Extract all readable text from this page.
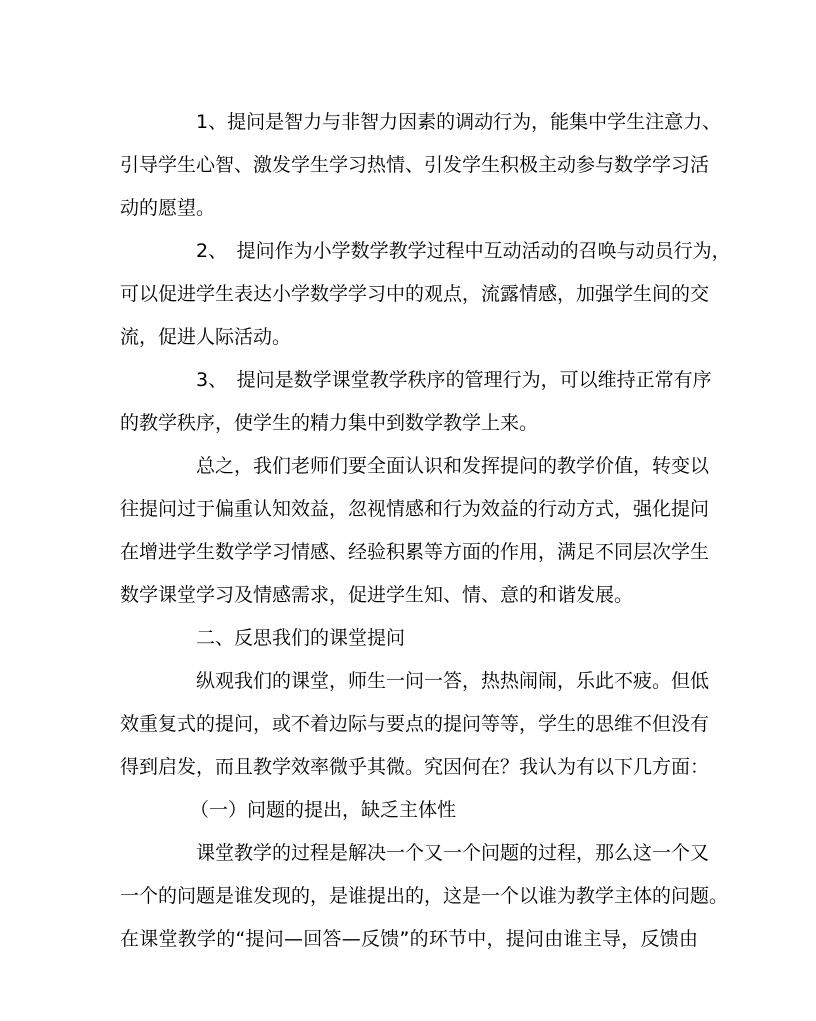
1、提问是智力与非智力因素的调动行为，能集中学生注意力、
引导学生心智、激发学生学习热情、引发学生积极主动参与数学学习活
动的愿望。
2、　提问作为小学数学教学过程中互动活动的召唤与动员行为，
可以促进学生表达小学数学学习中的观点，流露情感，加强学生间的交
流，促进人际活动。
3、　提问是数学课堂教学秩序的管理行为，可以维持正常有序
的教学秩序，使学生的精力集中到数学教学上来。
总之，我们老师们要全面认识和发挥提问的教学价值，转变以
往提问过于偏重认知效益，忽视情感和行为效益的行动方式，强化提问
在增进学生数学学习情感、经验积累等方面的作用，满足不同层次学生
数学课堂学习及情感需求，促进学生知、情、意的和谐发展。
二、反思我们的课堂提问
纵观我们的课堂，师生一问一答，热热闹闹，乐此不疲。但低
效重复式的提问，或不着边际与要点的提问等等，学生的思维不但没有
得到启发，而且教学效率微乎其微。究因何在？我认为有以下几方面：
（一）问题的提出，缺乏主体性
课堂教学的过程是解决一个又一个问题的过程，那么这一个又
一个的问题是谁发现的，是谁提出的，这是一个以谁为教学主体的问题。
在课堂教学的“提问—回答—反馈”的环节中，提问由谁主导，反馈由
